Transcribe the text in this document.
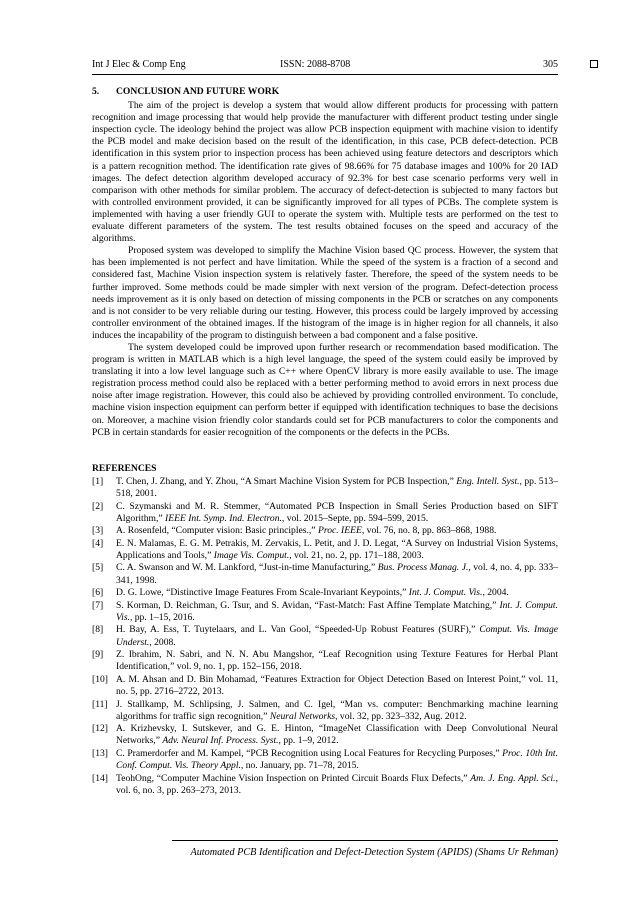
Int J Elec & Comp Eng	ISSN: 2088-8708	305
5. CONCLUSION AND FUTURE WORK

The aim of the project is develop a system that would allow different products for processing with pattern recognition and image processing that would help provide the manufacturer with different product testing under single inspection cycle. The ideology behind the project was allow PCB inspection equipment with machine vision to identify the PCB model and make decision based on the result of the identification, in this case, PCB defect-detection. PCB identification in this system prior to inspection process has been achieved using feature detectors and descriptors which is a pattern recognition method. The identification rate gives of 98.66% for 75 database images and 100% for 20 IAD images. The defect detection algorithm developed accuracy of 92.3% for best case scenario performs very well in comparison with other methods for similar problem. The accuracy of defect-detection is subjected to many factors but with controlled environment provided, it can be significantly improved for all types of PCBs. The complete system is implemented with having a user friendly GUI to operate the system with. Multiple tests are performed on the test to evaluate different parameters of the system. The test results obtained focuses on the speed and accuracy of the algorithms.

Proposed system was developed to simplify the Machine Vision based QC process. However, the system that has been implemented is not perfect and have limitation. While the speed of the system is a fraction of a second and considered fast, Machine Vision inspection system is relatively faster. Therefore, the speed of the system needs to be further improved. Some methods could be made simpler with next version of the program. Defect-detection process needs improvement as it is only based on detection of missing components in the PCB or scratches on any components and is not consider to be very reliable during our testing. However, this process could be largely improved by accessing controller environment of the obtained images. If the histogram of the image is in higher region for all channels, it also induces the incapability of the program to distinguish between a bad component and a false positive.

The system developed could be improved upon further research or recommendation based modification. The program is written in MATLAB which is a high level language, the speed of the system could easily be improved by translating it into a low level language such as C++ where OpenCV library is more easily available to use. The image registration process method could also be replaced with a better performing method to avoid errors in next process due noise after image registration. However, this could also be achieved by providing controlled environment. To conclude, machine vision inspection equipment can perform better if equipped with identification techniques to base the decisions on. Moreover, a machine vision friendly color standards could set for PCB manufacturers to color the components and PCB in certain standards for easier recognition of the components or the defects in the PCBs.

REFERENCES
[1] T. Chen, J. Zhang, and Y. Zhou, “A Smart Machine Vision System for PCB Inspection,” Eng. Intell. Syst., pp. 513–518, 2001.
[2] C. Szymanski and M. R. Stemmer, “Automated PCB Inspection in Small Series Production based on SIFT Algorithm,” IEEE Int. Symp. Ind. Electron., vol. 2015–Septe, pp. 594–599, 2015.
[3] A. Rosenfeld, “Computer vision: Basic principles.,” Proc. IEEE, vol. 76, no. 8, pp. 863–868, 1988.
[4] E. N. Malamas, E. G. M. Petrakis, M. Zervakis, L. Petit, and J. D. Legat, “A Survey on Industrial Vision Systems, Applications and Tools,” Image Vis. Comput., vol. 21, no. 2, pp. 171–188, 2003.
[5] C. A. Swanson and W. M. Lankford, “Just-in-time Manufacturing,” Bus. Process Manag. J., vol. 4, no. 4, pp. 333–341, 1998.
[6] D. G. Lowe, “Distinctive Image Features From Scale-Invariant Keypoints,” Int. J. Comput. Vis., 2004.
[7] S. Korman, D. Reichman, G. Tsur, and S. Avidan, “Fast-Match: Fast Affine Template Matching,” Int. J. Comput. Vis., pp. 1–15, 2016.
[8] H. Bay, A. Ess, T. Tuytelaars, and L. Van Gool, “Speeded-Up Robust Features (SURF),” Comput. Vis. Image Underst., 2008.
[9] Z. Ibrahim, N. Sabri, and N. N. Abu Mangshor, “Leaf Recognition using Texture Features for Herbal Plant Identification,” vol. 9, no. 1, pp. 152–156, 2018.
[10] A. M. Ahsan and D. Bin Mohamad, “Features Extraction for Object Detection Based on Interest Point,” vol. 11, no. 5, pp. 2716–2722, 2013.
[11] J. Stallkamp, M. Schlipsing, J. Salmen, and C. Igel, “Man vs. computer: Benchmarking machine learning algorithms for traffic sign recognition,” Neural Networks, vol. 32, pp. 323–332, Aug. 2012.
[12] A. Krizhevsky, I. Sutskever, and G. E. Hinton, “ImageNet Classification with Deep Convolutional Neural Networks,” Adv. Neural Inf. Process. Syst., pp. 1–9, 2012.
[13] C. Pramerdorfer and M. Kampel, “PCB Recognition using Local Features for Recycling Purposes,” Proc. 10th Int. Conf. Comput. Vis. Theory Appl., no. January, pp. 71–78, 2015.
[14] TeohOng, “Computer Machine Vision Inspection on Printed Circuit Boards Flux Defects,” Am. J. Eng. Appl. Sci., vol. 6, no. 3, pp. 263–273, 2013.
Automated PCB Identification and Defect-Detection System (APIDS) (Shams Ur Rehman)
